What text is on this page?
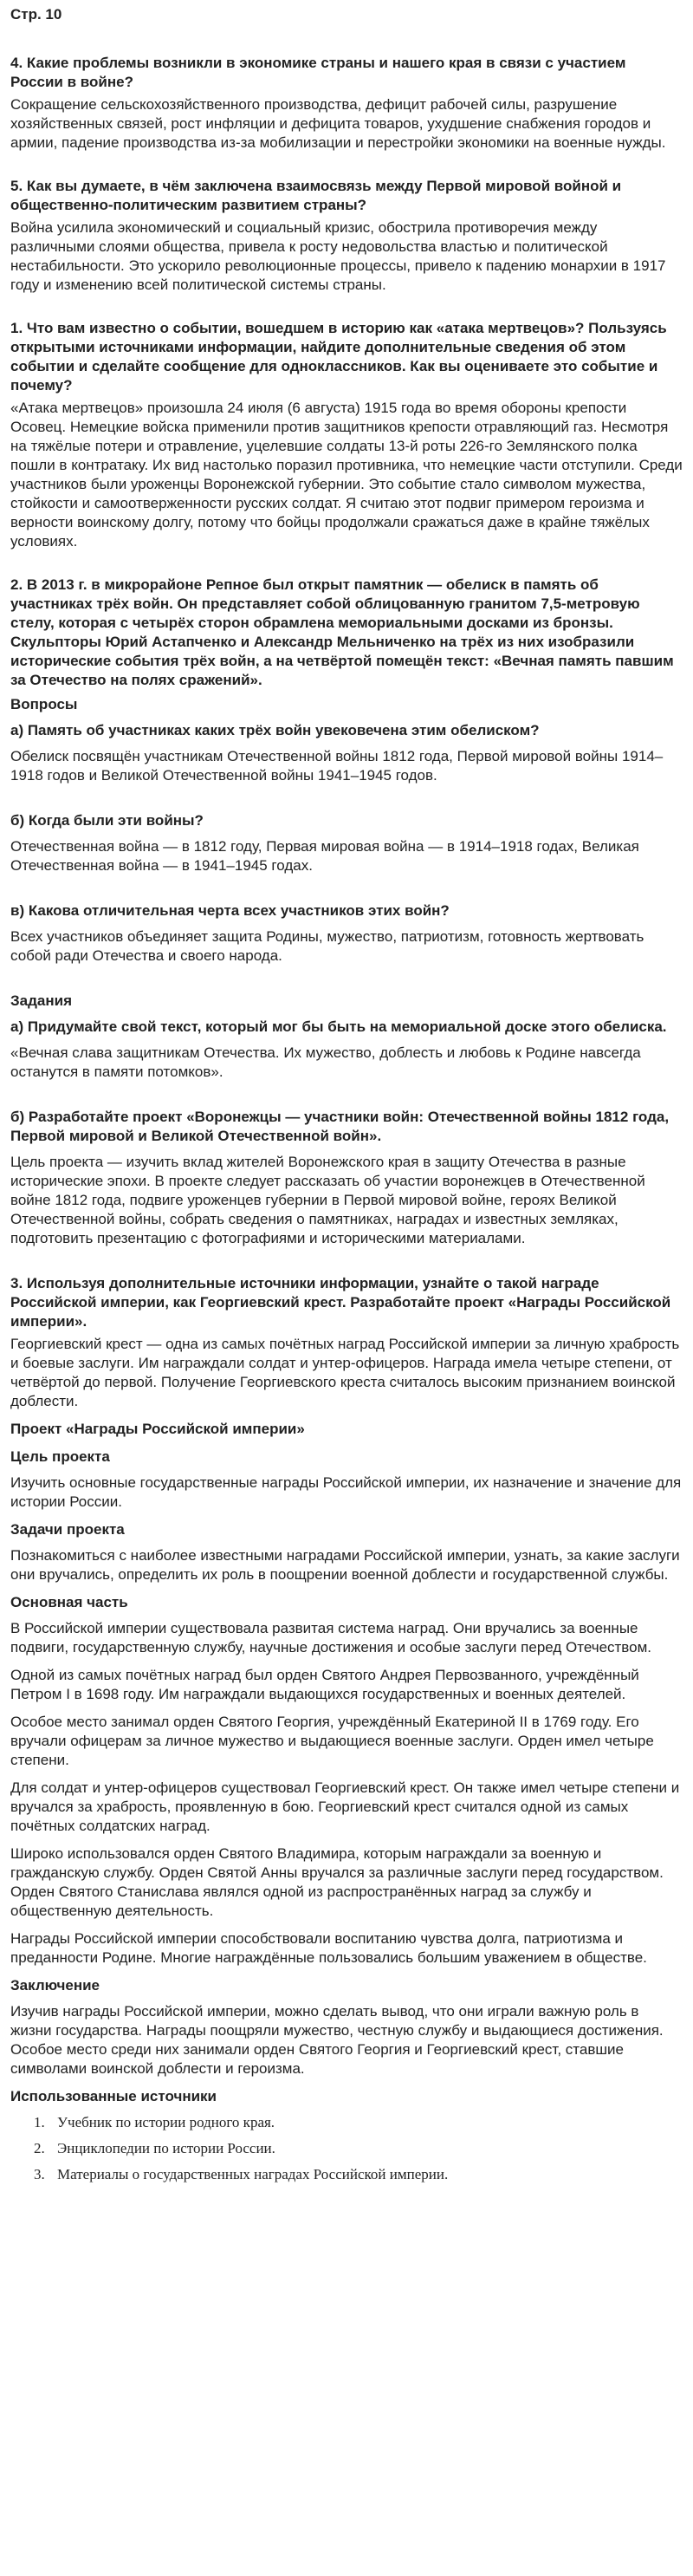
Стр. 10
4. Какие проблемы возникли в экономике страны и нашего края в связи с участием России в войне?
Сокращение сельскохозяйственного производства, дефицит рабочей силы, разрушение хозяйственных связей, рост инфляции и дефицита товаров, ухудшение снабжения городов и армии, падение производства из-за мобилизации и перестройки экономики на военные нужды.
5. Как вы думаете, в чём заключена взаимосвязь между Первой мировой войной и общественно-политическим развитием страны?
Война усилила экономический и социальный кризис, обострила противоречия между различными слоями общества, привела к росту недовольства властью и политической нестабильности. Это ускорило революционные процессы, привело к падению монархии в 1917 году и изменению всей политической системы страны.
1. Что вам известно о событии, вошедшем в историю как «атака мертвецов»? Пользуясь открытыми источниками информации, найдите дополнительные сведения об этом событии и сделайте сообщение для одноклассников. Как вы оцениваете это событие и почему?
«Атака мертвецов» произошла 24 июля (6 августа) 1915 года во время обороны крепости Осовец. Немецкие войска применили против защитников крепости отравляющий газ. Несмотря на тяжёлые потери и отравление, уцелевшие солдаты 13-й роты 226-го Землянского полка пошли в контратаку. Их вид настолько поразил противника, что немецкие части отступили. Среди участников были уроженцы Воронежской губернии. Это событие стало символом мужества, стойкости и самоотверженности русских солдат. Я считаю этот подвиг примером героизма и верности воинскому долгу, потому что бойцы продолжали сражаться даже в крайне тяжёлых условиях.
2. В 2013 г. в микрорайоне Репное был открыт памятник — обелиск в память об участниках трёх войн. Он представляет собой облицованную гранитом 7,5-метровую стелу, которая с четырёх сторон обрамлена мемориальными досками из бронзы. Скульпторы Юрий Астапченко и Александр Мельниченко на трёх из них изобразили исторические события трёх войн, а на четвёртой помещён текст: «Вечная память павшим за Отечество на полях сражений».
Вопросы
а) Память об участниках каких трёх войн увековечена этим обелиском?
Обелиск посвящён участникам Отечественной войны 1812 года, Первой мировой войны 1914–1918 годов и Великой Отечественной войны 1941–1945 годов.
б) Когда были эти войны?
Отечественная война — в 1812 году, Первая мировая война — в 1914–1918 годах, Великая Отечественная война — в 1941–1945 годах.
в) Какова отличительная черта всех участников этих войн?
Всех участников объединяет защита Родины, мужество, патриотизм, готовность жертвовать собой ради Отечества и своего народа.
Задания
а) Придумайте свой текст, который мог бы быть на мемориальной доске этого обелиска.
«Вечная слава защитникам Отечества. Их мужество, доблесть и любовь к Родине навсегда останутся в памяти потомков».
б) Разработайте проект «Воронежцы — участники войн: Отечественной войны 1812 года, Первой мировой и Великой Отечественной войн».
Цель проекта — изучить вклад жителей Воронежского края в защиту Отечества в разные исторические эпохи. В проекте следует рассказать об участии воронежцев в Отечественной войне 1812 года, подвиге уроженцев губернии в Первой мировой войне, героях Великой Отечественной войны, собрать сведения о памятниках, наградах и известных земляках, подготовить презентацию с фотографиями и историческими материалами.
3. Используя дополнительные источники информации, узнайте о такой награде Российской империи, как Георгиевский крест. Разработайте проект «Награды Российской империи».
Георгиевский крест — одна из самых почётных наград Российской империи за личную храбрость и боевые заслуги. Им награждали солдат и унтер-офицеров. Награда имела четыре степени, от четвёртой до первой. Получение Георгиевского креста считалось высоким признанием воинской доблести.
Проект «Награды Российской империи»
Цель проекта
Изучить основные государственные награды Российской империи, их назначение и значение для истории России.
Задачи проекта
Познакомиться с наиболее известными наградами Российской империи, узнать, за какие заслуги они вручались, определить их роль в поощрении военной доблести и государственной службы.
Основная часть
В Российской империи существовала развитая система наград. Они вручались за военные подвиги, государственную службу, научные достижения и особые заслуги перед Отечеством.
Одной из самых почётных наград был орден Святого Андрея Первозванного, учреждённый Петром I в 1698 году. Им награждали выдающихся государственных и военных деятелей.
Особое место занимал орден Святого Георгия, учреждённый Екатериной II в 1769 году. Его вручали офицерам за личное мужество и выдающиеся военные заслуги. Орден имел четыре степени.
Для солдат и унтер-офицеров существовал Георгиевский крест. Он также имел четыре степени и вручался за храбрость, проявленную в бою. Георгиевский крест считался одной из самых почётных солдатских наград.
Широко использовался орден Святого Владимира, которым награждали за военную и гражданскую службу. Орден Святой Анны вручался за различные заслуги перед государством. Орден Святого Станислава являлся одной из распространённых наград за службу и общественную деятельность.
Награды Российской империи способствовали воспитанию чувства долга, патриотизма и преданности Родине. Многие награждённые пользовались большим уважением в обществе.
Заключение
Изучив награды Российской империи, можно сделать вывод, что они играли важную роль в жизни государства. Награды поощряли мужество, честную службу и выдающиеся достижения. Особое место среди них занимали орден Святого Георгия и Георгиевский крест, ставшие символами воинской доблести и героизма.
Использованные источники
1. Учебник по истории родного края.
2. Энциклопедии по истории России.
3. Материалы о государственных наградах Российской империи.
